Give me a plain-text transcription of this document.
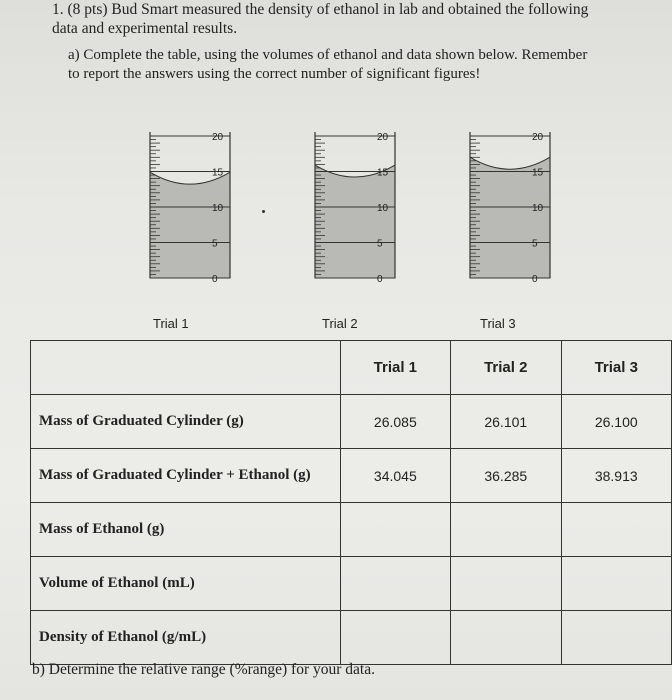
1. (8 pts) Bud Smart measured the density of ethanol in lab and obtained the following
data and experimental results.
a) Complete the table, using the volumes of ethanol and data shown below. Remember
to report the answers using the correct number of significant figures!
20
15
10
5
0
20
15
10
5
0
20
15
10
5
0
Trial 1	Trial 2	Trial 3
	Trial 1	Trial 2	Trial 3
Mass of Graduated Cylinder (g)	26.085	26.101	26.100
Mass of Graduated Cylinder + Ethanol (g)	34.045	36.285	38.913
Mass of Ethanol (g)			
Volume of Ethanol (mL)			
Density of Ethanol (g/mL)			
b) Determine the relative range (%range) for your data.
